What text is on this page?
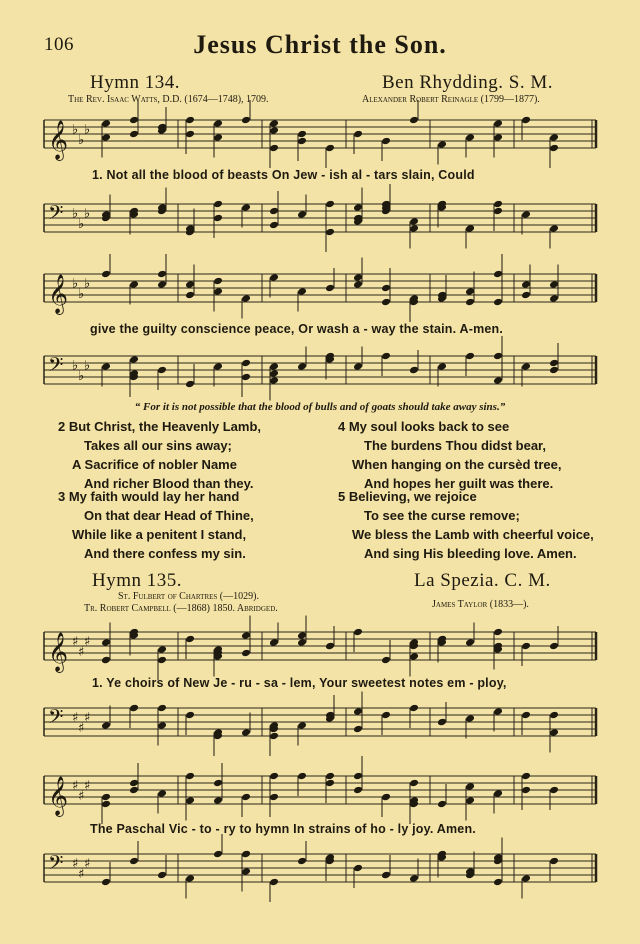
106	Jesus Christ the Son.
Hymn 134.	Ben Rhydding. S. M.
The Rev. Isaac Watts, D.D. (1674—1748), 1709.	Alexander Robert Reinagle (1799—1877).
𝄞 ♭
♭
♭
1. Not all the blood of beasts On Jew - ish al - tars slain, Could
𝄢 ♭
♭
♭
𝄞 ♭
♭
♭
give the guilty conscience peace, Or wash a - way the stain. A-men.
𝄢 ♭
♭
♭
“ For it is not possible that the blood of bulls and of goats should take away sins.”
2 But Christ, the Heavenly Lamb,
Takes all our sins away;
A Sacrifice of nobler Name
And richer Blood than they.
3 My faith would lay her hand
On that dear Head of Thine,
While like a penitent I stand,
And there confess my sin.
4 My soul looks back to see
The burdens Thou didst bear,
When hanging on the cursèd tree,
And hopes her guilt was there.
5 Believing, we rejoice
To see the curse remove;
We bless the Lamb with cheerful voice,
And sing His bleeding love. Amen.
Hymn 135.	La Spezia. C. M.
St. Fulbert of Chartres (—1029).
Tr. Robert Campbell (—1868) 1850. Abridged.	James Taylor (1833—).
𝄞 ♯
♯
♯
1. Ye choirs of New Je - ru - sa - lem, Your sweetest notes em - ploy,
𝄢 ♯
♯
♯
𝄞 ♯
♯
♯
The Paschal Vic - to - ry to hymn In strains of ho - ly joy. Amen.
𝄢 ♯
♯
♯
